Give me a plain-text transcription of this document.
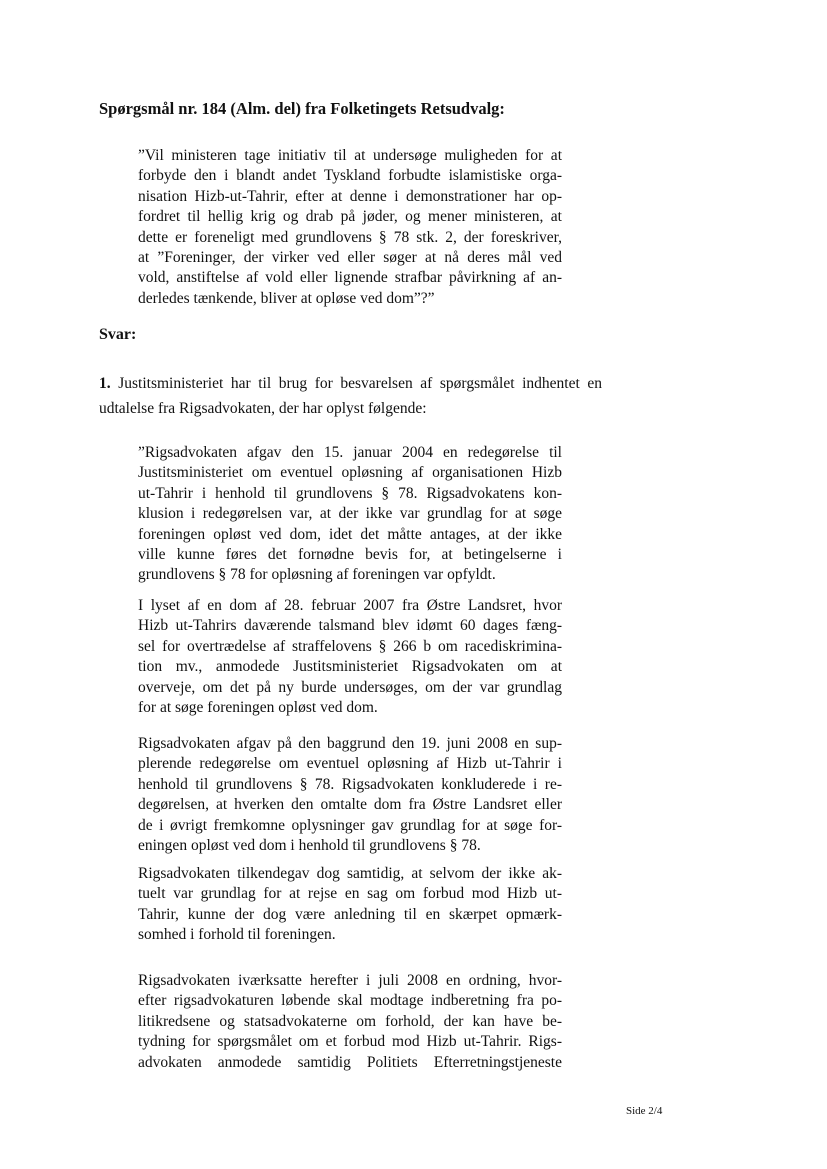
Spørgsmål nr. 184 (Alm. del) fra Folketingets Retsudvalg:
”Vil ministeren tage initiativ til at undersøge muligheden for at
forbyde den i blandt andet Tyskland forbudte islamistiske orga-
nisation Hizb-ut-Tahrir, efter at denne i demonstrationer har op-
fordret til hellig krig og drab på jøder, og mener ministeren, at
dette er foreneligt med grundlovens § 78 stk. 2, der foreskriver,
at ”Foreninger, der virker ved eller søger at nå deres mål ved
vold, anstiftelse af vold eller lignende strafbar påvirkning af an-
derledes tænkende, bliver at opløse ved dom”?”
Svar:
1. Justitsministeriet har til brug for besvarelsen af spørgsmålet indhentet en
udtalelse fra Rigsadvokaten, der har oplyst følgende:
”Rigsadvokaten afgav den 15. januar 2004 en redegørelse til
Justitsministeriet om eventuel opløsning af organisationen Hizb
ut-Tahrir i henhold til grundlovens § 78. Rigsadvokatens kon-
klusion i redegørelsen var, at der ikke var grundlag for at søge
foreningen opløst ved dom, idet det måtte antages, at der ikke
ville kunne føres det fornødne bevis for, at betingelserne i
grundlovens § 78 for opløsning af foreningen var opfyldt.
I lyset af en dom af 28. februar 2007 fra Østre Landsret, hvor
Hizb ut-Tahrirs daværende talsmand blev idømt 60 dages fæng-
sel for overtrædelse af straffelovens § 266 b om racediskrimina-
tion mv., anmodede Justitsministeriet Rigsadvokaten om at
overveje, om det på ny burde undersøges, om der var grundlag
for at søge foreningen opløst ved dom.
Rigsadvokaten afgav på den baggrund den 19. juni 2008 en sup-
plerende redegørelse om eventuel opløsning af Hizb ut-Tahrir i
henhold til grundlovens § 78. Rigsadvokaten konkluderede i re-
degørelsen, at hverken den omtalte dom fra Østre Landsret eller
de i øvrigt fremkomne oplysninger gav grundlag for at søge for-
eningen opløst ved dom i henhold til grundlovens § 78.
Rigsadvokaten tilkendegav dog samtidig, at selvom der ikke ak-
tuelt var grundlag for at rejse en sag om forbud mod Hizb ut-
Tahrir, kunne der dog være anledning til en skærpet opmærk-
somhed i forhold til foreningen.
Rigsadvokaten iværksatte herefter i juli 2008 en ordning, hvor-
efter rigsadvokaturen løbende skal modtage indberetning fra po-
litikredsene og statsadvokaterne om forhold, der kan have be-
tydning for spørgsmålet om et forbud mod Hizb ut-Tahrir. Rigs-
advokaten anmodede samtidig Politiets Efterretningstjeneste
Side 2/4
